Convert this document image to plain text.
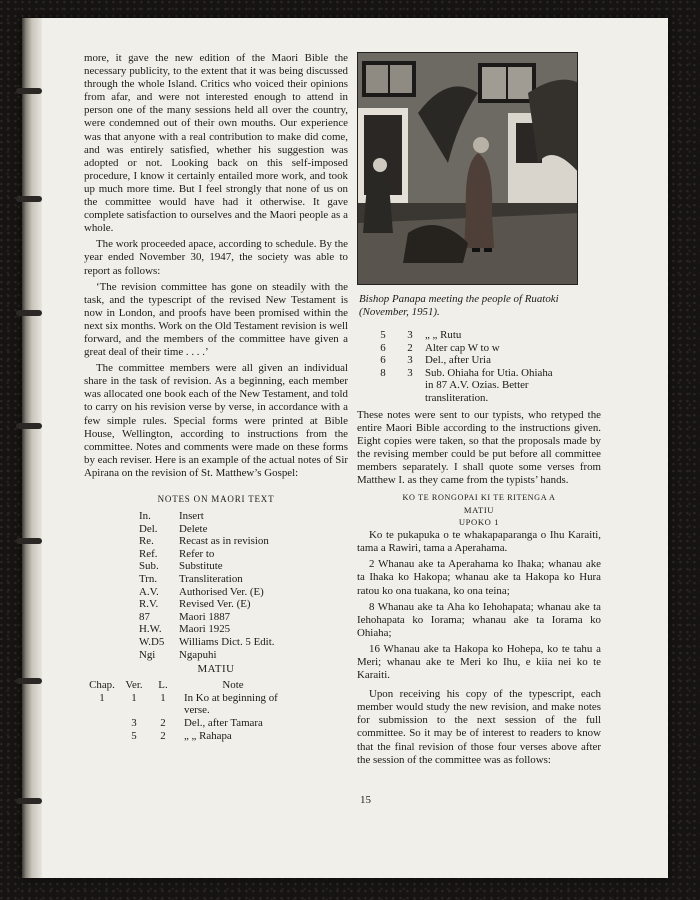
more, it gave the new edition of the Maori Bible the necessary publicity, to the extent that it was being discussed through the whole Island. Critics who voiced their opinions from afar, and were not interested enough to attend in person one of the many sessions held all over the country, were condemned out of their own mouths. Our experience was that anyone with a real contribution to make did come, and was entirely satisfied, whether his suggestion was adopted or not. Looking back on this self-imposed procedure, I know it certainly entailed more work, and took up much more time. But I feel strongly that none of us on the committee would have had it otherwise. It gave complete satisfaction to ourselves and the Maori people as a whole.

The work proceeded apace, according to schedule. By the year ended November 30, 1947, the society was able to report as follows:

‘The revision committee has gone on steadily with the task, and the typescript of the revised New Testament is now in London, and proofs have been promised within the next six months. Work on the Old Testament revision is well forward, and the members of the committee have given a great deal of their time . . . .’

The committee members were all given an individual share in the task of revision. As a beginning, each member was allocated one book each of the New Testament, and told to carry on his revision verse by verse, in accordance with a few simple rules. Special forms were printed at Bible House, Wellington, according to instructions from the committee. Notes and comments were made on these forms by each reviser. Here is an example of the actual notes of Sir Apirana on the revision of St. Matthew’s Gospel:

NOTES ON MAORI TEXT
In.	Insert
Del.	Delete
Re.	Recast as in revision
Ref.	Refer to
Sub.	Substitute
Trn.	Transliteration
A.V.	Authorised Ver. (E)
R.V.	Revised Ver. (E)
87	Maori 1887
H.W.	Maori 1925
W.D5	Williams Dict. 5 Edit.
Ngi	Ngapuhi
MATIU
Chap.	Ver.	L.	Note
1	1	1	In Ko at beginning of verse.
	3	2	Del., after Tamara
	5	2	„ „ Rahapa
Bishop Panapa meeting the people of Ruatoki (November, 1951).
5	3	„ „ Rutu
6	2	Alter cap W to w
6	3	Del., after Uria
8	3	Sub. Ohiaha for Utia. Ohiaha in 87 A.V. Ozias. Better transliteration.

These notes were sent to our typists, who retyped the entire Maori Bible according to the instructions given. Eight copies were taken, so that the proposals made by the revising member could be put before all committee members separately. I shall quote some verses from Matthew I. as they came from the typists’ hands.

KO TE RONGOPAI KI TE RITENGA A
MATIU
UPOKO 1

Ko te pukapuka o te whakapaparanga o Ihu Karaiti, tama a Rawiri, tama a Aperahama.

2 Whanau ake ta Aperahama ko Ihaka; whanau ake ta Ihaka ko Hakopa; whanau ake ta Hakopa ko Hura ratou ko ona tuakana, ko ona teina;

8 Whanau ake ta Aha ko Iehohapata; whanau ake ta Iehohapata ko Iorama; whanau ake ta Iorama ko Ohiaha;

16 Whanau ake ta Hakopa ko Hohepa, ko te tahu a Meri; whanau ake te Meri ko Ihu, e kiia nei ko te Karaiti.

Upon receiving his copy of the typescript, each member would study the new revision, and make notes for submission to the next session of the full committee. So it may be of interest to readers to know that the final revision of those four verses above after the session of the committee was as follows:

15
